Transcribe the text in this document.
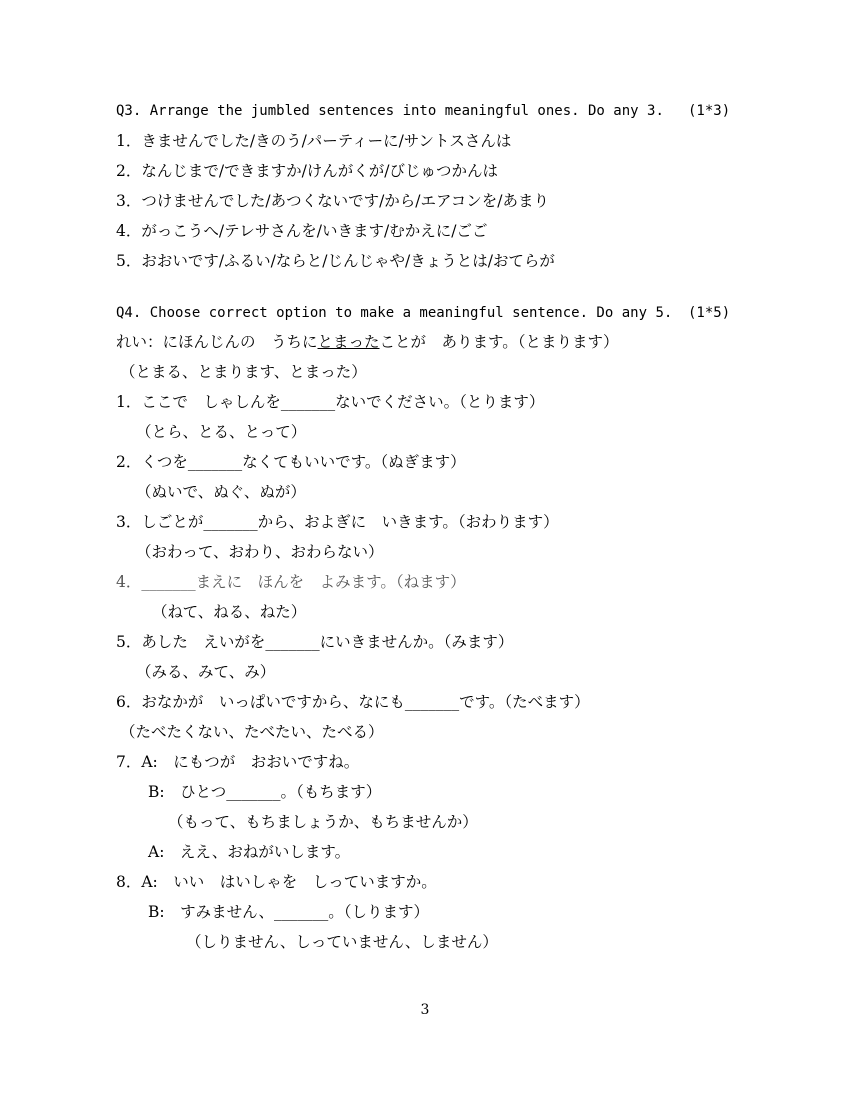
Q3. Arrange the jumbled sentences into meaningful ones. Do any 3. (1*3)
1．きませんでした/きのう/パーティーに/サントスさんは
2．なんじまで/できますか/けんがくが/びじゅつかんは
3．つけませんでした/あつくないです/から/エアコンを/あまり
4．がっこうへ/テレサさんを/いきます/むかえに/ごご
5．おおいです/ふるい/ならと/じんじゃや/きょうとは/おてらが
Q4. Choose correct option to make a meaningful sentence. Do any 5. (1*5)
れい：にほんじんの　うちにとまったことが　あります。（とまります）
（とまる、とまります、とまった）
1．ここで　しゃしんを_______ないでください。（とります）
（とら、とる、とって）
2．くつを_______なくてもいいです。（ぬぎます）
（ぬいで、ぬぐ、ぬが）
3．しごとが_______から、およぎに　いきます。（おわります）
（おわって、おわり、おわらない）
4．_______まえに　ほんを　よみます。（ねます）
（ねて、ねる、ねた）
5．あした　えいがを_______にいきませんか。（みます）
（みる、みて、み）
6．おなかが　いっぱいですから、なにも_______です。（たべます）
（たべたくない、たべたい、たべる）
7．A:　にもつが　おおいですね。
B:　ひとつ_______。（もちます）
（もって、もちましょうか、もちませんか）
A:　ええ、おねがいします。
8．A:　いい　はいしゃを　しっていますか。
B:　すみません、_______。（しります）
（しりません、しっていません、しません）
3
